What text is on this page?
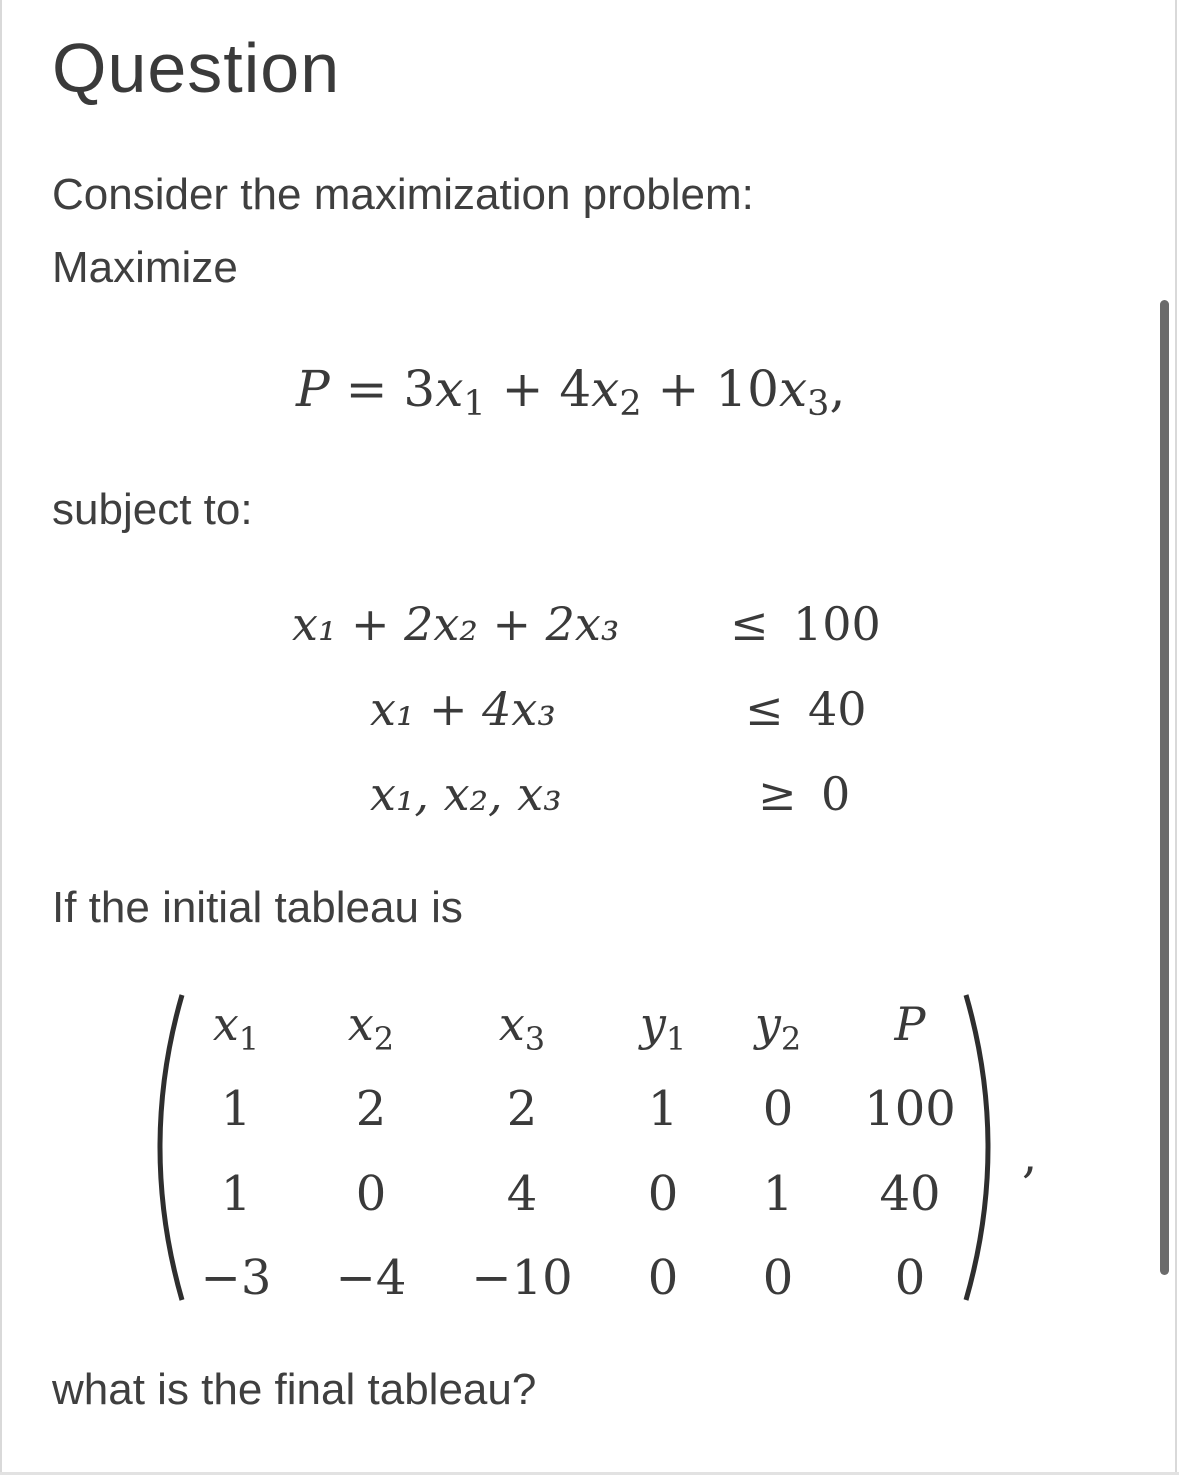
Question
Consider the maximization problem:
Maximize
P = 3x1 + 4x2 + 10x3,
subject to:
x₁ + 2x₂ + 2x₃ ≤ 100
x₁ + 4x₃	≤ 40
x₁, x₂, x₃	≥ 0
If the initial tableau is
$x_1$ $x_2$ $x_3$ $y_1$ $y_2$ P
1 2	2 1 0 100
1 0	4 0 1 40
−3 −4 −10 0 0 0
,
what is the final tableau?
